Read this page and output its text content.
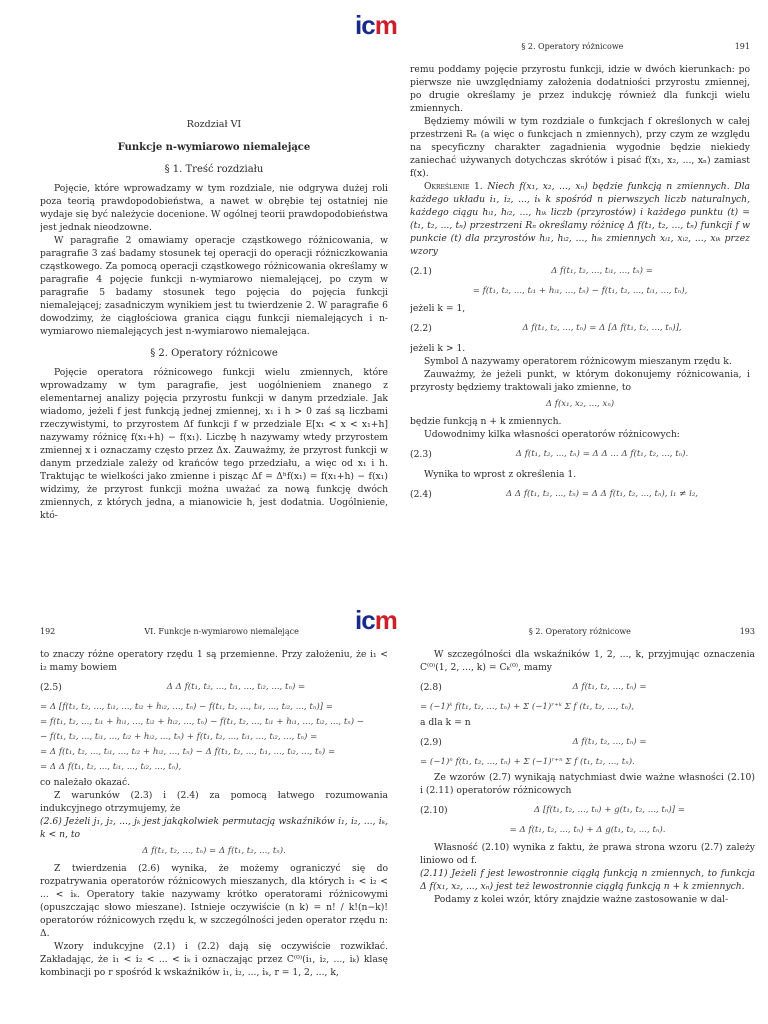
icm
icm
Rozdział VI
Funkcje n-wymiarowo niemalejące
§ 1. Treść rozdziału

Pojęcie, które wprowadzamy w tym rozdziale, nie odgrywa dużej roli poza teorią prawdopodobieństwa, a nawet w obrębie tej ostatniej nie wydaje się być należycie docenione. W ogólnej teorii prawdopodobieństwa jest jednak nieodzowne.

W paragrafie 2 omawiamy operacje cząstkowego różnicowania, w paragrafie 3 zaś badamy stosunek tej operacji do operacji różniczkowania cząstkowego. Za pomocą operacji cząstkowego różnicowania określamy w paragrafie 4 pojęcie funkcji n-wymiarowo niemalejącej, po czym w paragrafie 5 badamy stosunek tego pojęcia do pojęcia funkcji niemalejącej; zasadniczym wynikiem jest tu twierdzenie 2. W paragrafie 6 dowodzimy, że ciągłościowa granica ciągu funkcji niemalejących i n-wymiarowo niemalejących jest n-wymiarowo niemalejąca.

§ 2. Operatory różnicowe

Pojęcie operatora różnicowego funkcji wielu zmiennych, które wprowadzamy w tym paragrafie, jest uogólnieniem znanego z elementarnej analizy pojęcia przyrostu funkcji w danym przedziale. Jak wiadomo, jeżeli f jest funkcją jednej zmiennej, x₁ i h > 0 zaś są liczbami rzeczywistymi, to przyrostem Δf funkcji f w przedziale E[x₁ < x < x₁+h] nazywamy różnicę f(x₁+h) − f(x₁). Liczbę h nazywamy wtedy przyrostem zmiennej x i oznaczamy często przez Δx. Zauważmy, że przyrost funkcji w danym przedziale zależy od krańców tego przedziału, a więc od x₁ i h. Traktując te wielkości jako zmienne i pisząc Δf = Δʰf(x₁) = f(x₁+h) − f(x₁) widzimy, że przyrost funkcji można uważać za nową funkcję dwóch zmiennych, z których jedna, a mianowicie h, jest dodatnia. Uogólnienie, któ-

§ 2. Operatory różnicowe	191

remu poddamy pojęcie przyrostu funkcji, idzie w dwóch kierunkach: po pierwsze nie uwzględniamy założenia dodatniości przyrostu zmiennej, po drugie określamy je przez indukcję również dla funkcji wielu zmiennych.

Będziemy mówili w tym rozdziale o funkcjach f określonych w całej przestrzeni Rₙ (a więc o funkcjach n zmiennych), przy czym ze względu na specyficzny charakter zagadnienia wygodnie będzie niekiedy zaniechać używanych dotychczas skrótów i pisać f(x₁, x₂, ..., xₙ) zamiast f(x).

Określenie 1. Niech f(x₁, x₂, ..., xₙ) będzie funkcją n zmiennych. Dla każdego układu i₁, i₂, ..., iₖ k spośród n pierwszych liczb naturalnych, każdego ciągu hᵢ₁, hᵢ₂, ..., hᵢₖ liczb (przyrostów) i każdego punktu (t) = (t₁, t₂, ..., tₙ) przestrzeni Rₙ określamy różnicę Δ f(t₁, t₂, ..., tₙ) funkcji f w punkcie (t) dla przyrostów hᵢ₁, hᵢ₂, ..., hᵢₖ zmiennych xᵢ₁, xᵢ₂, ..., xᵢₖ przez wzory

(2.1)	Δ f(t₁, t₂, ..., tᵢ₁, ..., tₙ) =
= f(t₁, t₂, ..., tᵢ₁ + hᵢ₁, ..., tₙ) − f(t₁, t₂, ..., tᵢ₁, ..., tₙ),

jeżeli k = 1,

(2.2)	Δ f(t₁, t₂, ..., tₙ) = Δ [Δ f(t₁, t₂, ..., tₙ)],

jeżeli k > 1.

Symbol Δ nazywamy operatorem różnicowym mieszanym rzędu k.

Zauważmy, że jeżeli punkt, w którym dokonujemy różnicowania, i przyrosty będziemy traktowali jako zmienne, to

Δ f(x₁, x₂, ..., xₙ)

będzie funkcją n + k zmiennych.

Udowodnimy kilka własności operatorów różnicowych:

(2.3)	Δ f(t₁, t₂, ..., tₙ) = Δ Δ ... Δ f(t₁, t₂, ..., tₙ).

Wynika to wprost z określenia 1.

(2.4)	Δ Δ f(t₁, t₂, ..., tₙ) = Δ Δ f(t₁, t₂, ..., tₙ), i₁ ≠ i₂,
192	VI. Funkcje n-wymiarowo niemalejące

to znaczy różne operatory rzędu 1 są przemienne. Przy założeniu, że i₁ < i₂ mamy bowiem

(2.5)	Δ Δ f(t₁, t₂, ..., tᵢ₁, ..., tᵢ₂, ..., tₙ) =
= Δ [f(t₁, t₂, ..., tᵢ₁, ..., tᵢ₂ + hᵢ₂, ..., tₙ) − f(t₁, t₂, ..., tᵢ₁, ..., tᵢ₂, ..., tₙ)] =
= f(t₁, t₂, ..., tᵢ₁ + hᵢ₁, ..., tᵢ₂ + hᵢ₂, ..., tₙ) − f(t₁, t₂, ..., tᵢ₁ + hᵢ₁, ..., tᵢ₂, ..., tₙ) −
− f(t₁, t₂, ..., tᵢ₁, ..., tᵢ₂ + hᵢ₂, ..., tₙ) + f(t₁, t₂, ..., tᵢ₁, ..., tᵢ₂, ..., tₙ) =
= Δ f(t₁, t₂, ..., tᵢ₁, ..., tᵢ₂ + hᵢ₂, ..., tₙ) − Δ f(t₁, t₂, ..., tᵢ₁, ..., tᵢ₂, ..., tₙ) =
= Δ Δ f(t₁, t₂, ..., tᵢ₁, ..., tᵢ₂, ..., tₙ),

co należało okazać.

Z warunków (2.3) i (2.4) za pomocą łatwego rozumowania indukcyjnego otrzymujemy, że

(2.6) Jeżeli j₁, j₂, ..., jₖ jest jakąkolwiek permutacją wskaźników i₁, i₂, ..., iₖ, k < n, to

Δ f(t₁, t₂, ..., tₙ) = Δ f(t₁, t₂, ..., tₙ).

Z twierdzenia (2.6) wynika, że możemy ograniczyć się do rozpatrywania operatorów różnicowych mieszanych, dla których i₁ < i₂ < ... < iₖ. Operatory takie nazywamy krótko operatorami różnicowymi (opuszczając słowo mieszane). Istnieje oczywiście (n k) = n! / k!(n−k)! operatorów różnicowych rzędu k, w szczególności jeden operator rzędu n: Δ.

Wzory indukcyjne (2.1) i (2.2) dają się oczywiście rozwikłać. Zakładając, że i₁ < i₂ < ... < iₖ i oznaczając przez C⁽⁰⁾(i₁, i₂, ..., iₖ) klasę kombinacji po r spośród k wskaźników i₁, i₂, ..., iₖ, r = 1, 2, ..., k,

§ 2. Operatory różnicowe	193

W szczególności dla wskaźników 1, 2, ..., k, przyjmując oznaczenia C⁽⁰⁾(1, 2, ..., k) = Cₖ⁽⁰⁾, mamy

(2.8)	Δ f(t₁, t₂, ..., tₙ) =
= (−1)ᵏ f(t₁, t₂, ..., tₙ) + Σ (−1)ʳ⁺ᵏ Σ f (t₁, t₂, ..., tₙ),

a dla k = n

(2.9)	Δ f(t₁, t₂, ..., tₙ) =
= (−1)ⁿ f(t₁, t₂, ..., tₙ) + Σ (−1)ʳ⁺ⁿ Σ f (t₁, t₂, ..., tₙ).

Ze wzorów (2.7) wynikają natychmiast dwie ważne własności (2.10) i (2.11) operatorów różnicowych

(2.10)	Δ [f(t₁, t₂, ..., tₙ) + g(t₁, t₂, ..., tₙ)] =
= Δ f(t₁, t₂, ..., tₙ) + Δ g(t₁, t₂, ..., tₙ).

Własność (2.10) wynika z faktu, że prawa strona wzoru (2.7) zależy liniowo od f.

(2.11) Jeżeli f jest lewostronnie ciągłą funkcją n zmiennych, to funkcja Δ f(x₁, x₂, ..., xₙ) jest też lewostronnie ciągłą funkcją n + k zmiennych.

Podamy z kolei wzór, który znajdzie ważne zastosowanie w dal-
